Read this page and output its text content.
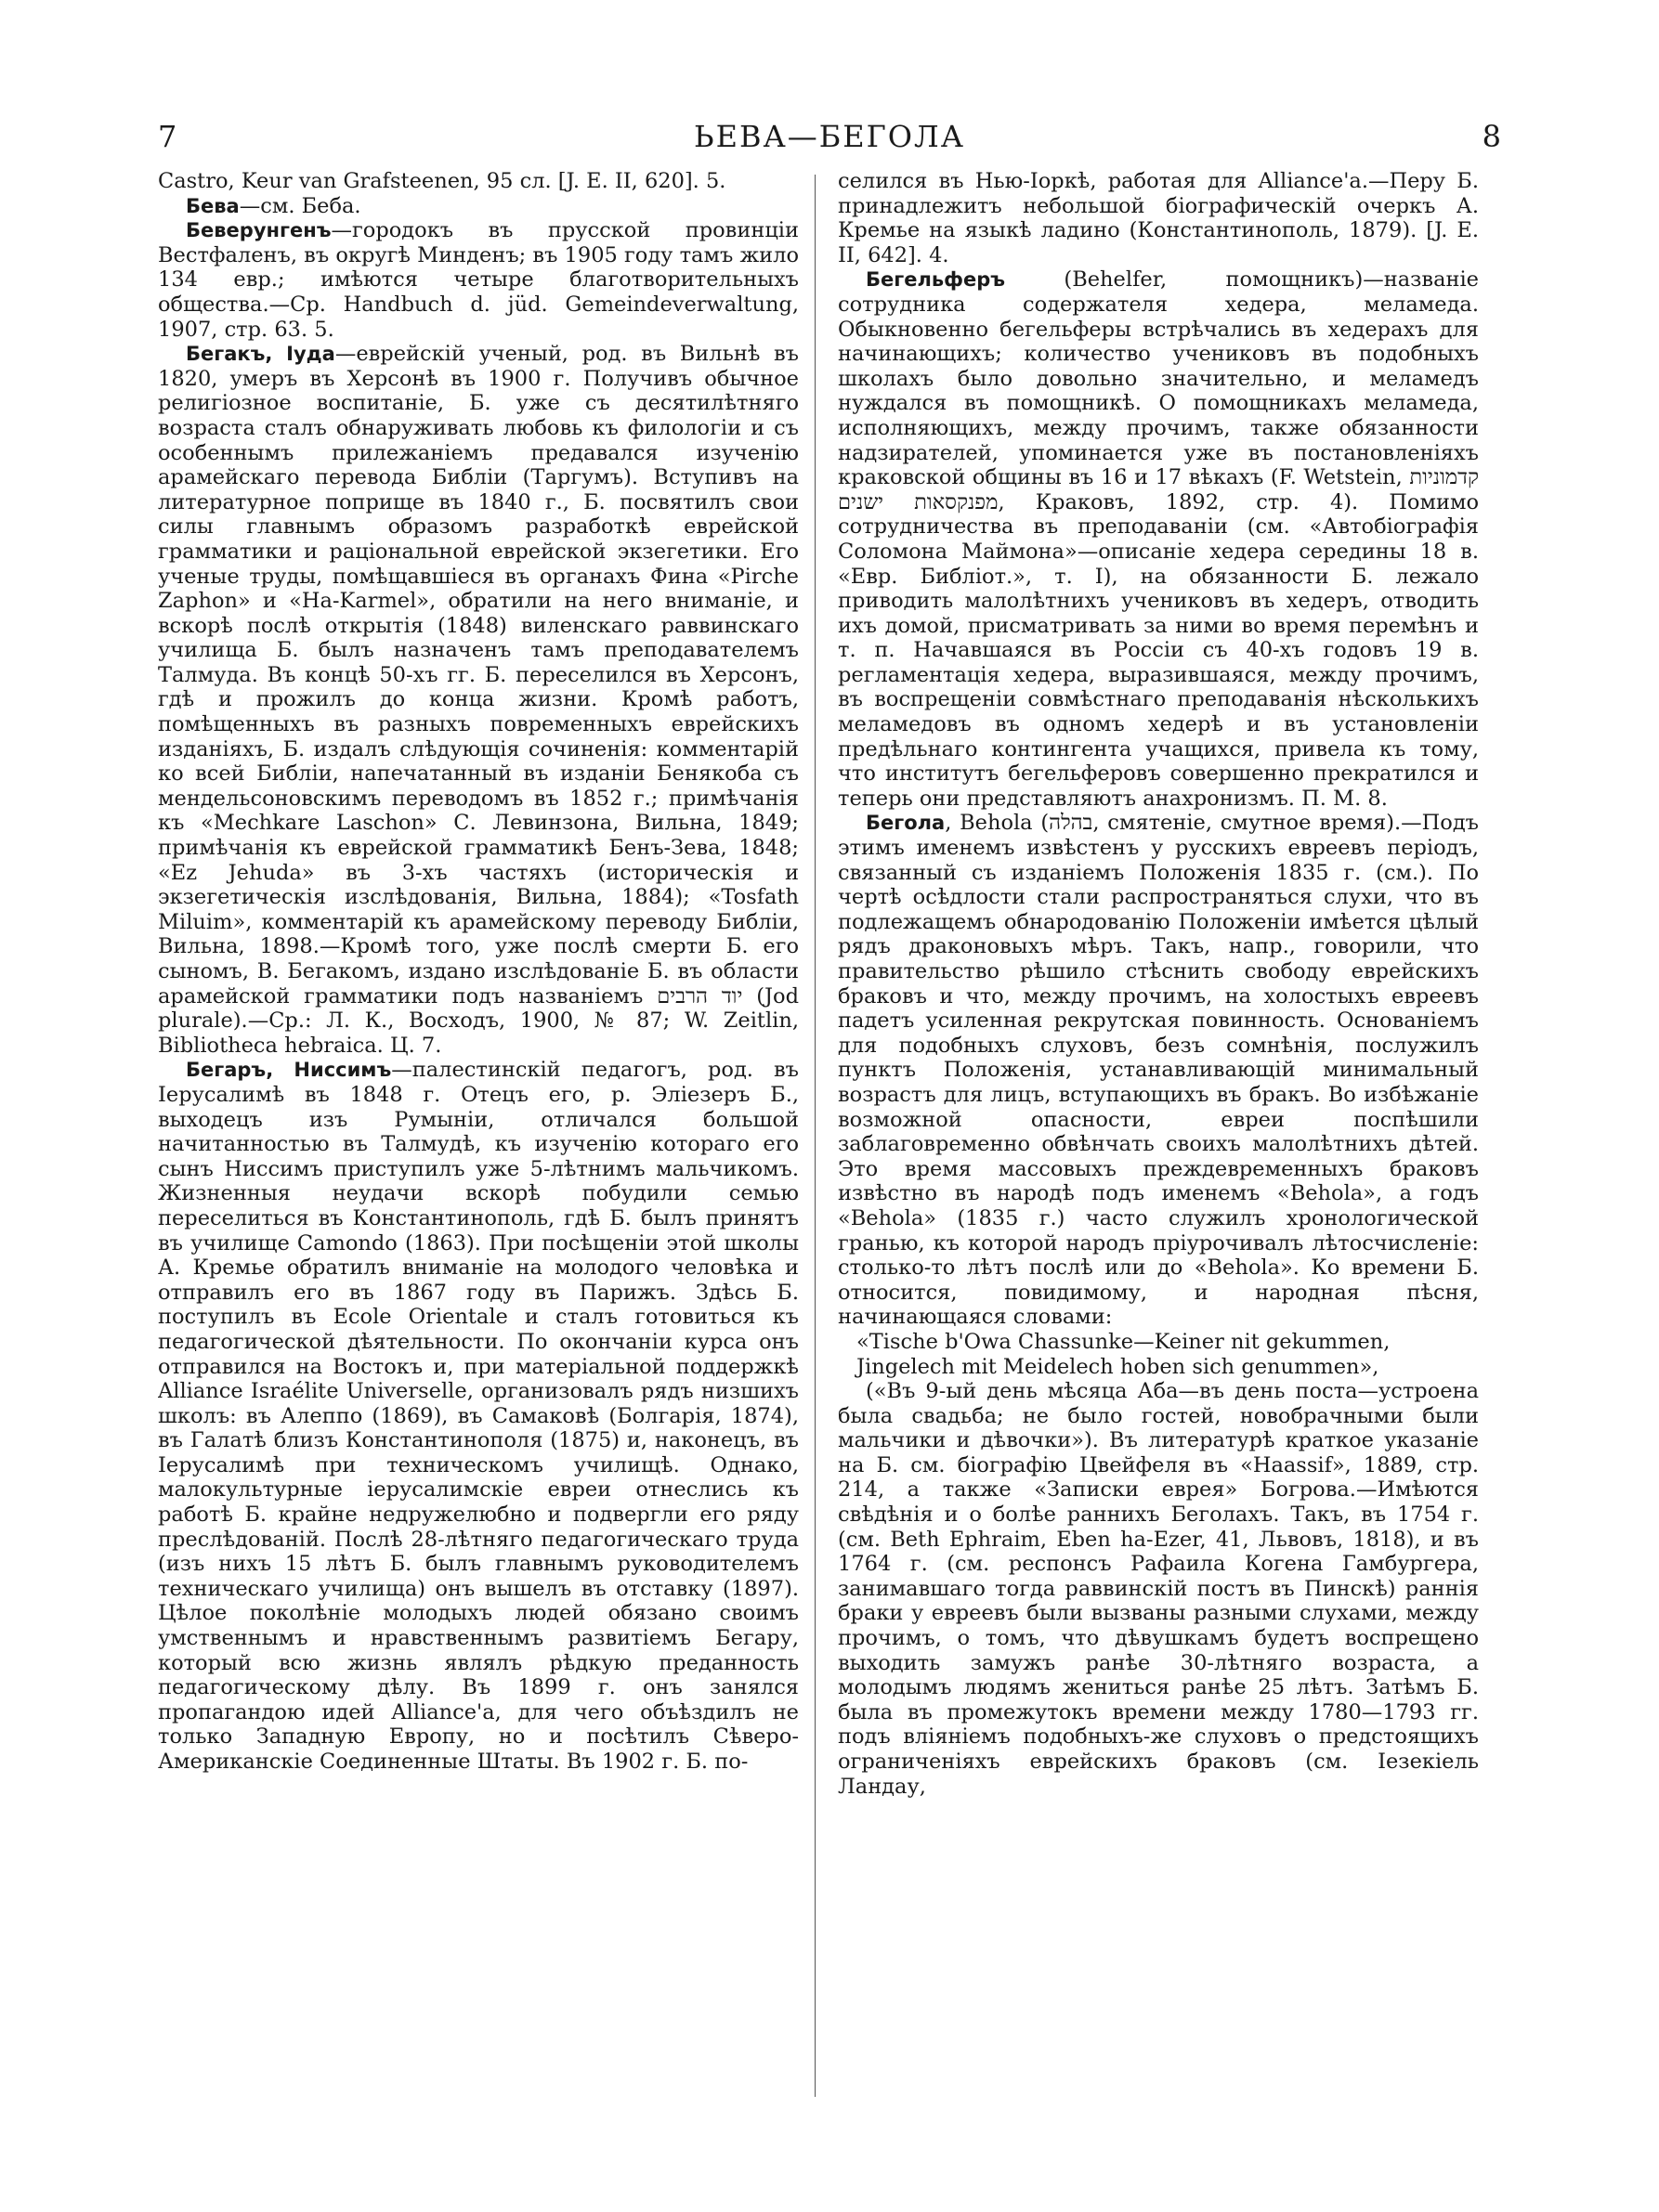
7	ЬЕВА—БЕГОЛА	8

Castro, Keur van Grafsteenen, 95 сл. [J. E. II, 620]. 5.

Бева—см. Беба.

Беверунгенъ—городокъ въ прусской провинціи Вестфаленъ, въ округѣ Минденъ; въ 1905 году тамъ жило 134 евр.; имѣются четыре благотворительныхъ общества.—Ср. Handbuch d. jüd. Gemeindeverwaltung, 1907, стр. 63. 5.

Бегакъ, Іуда—еврейскій ученый, род. въ Вильнѣ въ 1820, умеръ въ Херсонѣ въ 1900 г. Получивъ обычное религіозное воспитаніе, Б. уже съ десятилѣтняго возраста сталъ обнаруживать любовь къ филологіи и съ особеннымъ прилежаніемъ предавался изученію арамейскаго перевода Библіи (Таргумъ). Вступивъ на литературное поприще въ 1840 г., Б. посвятилъ свои силы главнымъ образомъ разработкѣ еврейской грамматики и раціональной еврейской экзегетики. Его ученые труды, помѣщавшіеся въ органахъ Фина «Pirche Zaphon» и «Ha-Karmel», обратили на него вниманіе, и вскорѣ послѣ открытія (1848) виленскаго раввинскаго училища Б. былъ назначенъ тамъ преподавателемъ Талмуда. Въ концѣ 50-хъ гг. Б. переселился въ Херсонъ, гдѣ и прожилъ до конца жизни. Кромѣ работъ, помѣщенныхъ въ разныхъ повременныхъ еврейскихъ изданіяхъ, Б. издалъ слѣдующія сочиненія: комментарій ко всей Библіи, напечатанный въ изданіи Бенякоба съ мендельсоновскимъ переводомъ въ 1852 г.; примѣчанія къ «Mechkare Laschon» С. Левинзона, Вильна, 1849; примѣчанія къ еврейской грамматикѣ Бенъ-Зева, 1848; «Ez Jehuda» въ 3-хъ частяхъ (историческія и экзегетическія изслѣдованія, Вильна, 1884); «Tosfath Miluim», комментарій къ арамейскому переводу Библіи, Вильна, 1898.—Кромѣ того, уже послѣ смерти Б. его сыномъ, В. Бегакомъ, издано изслѣдованіе Б. въ области арамейской грамматики подъ названіемъ יוד הרבים (Jod plurale).—Ср.: Л. К., Восходъ, 1900, № 87; W. Zeitlin, Bibliotheca hebraica. Ц. 7.

Бегаръ, Ниссимъ—палестинскій педагогъ, род. въ Іерусалимѣ въ 1848 г. Отецъ его, р. Эліезеръ Б., выходецъ изъ Румыніи, отличался большой начитанностью въ Талмудѣ, къ изученію котораго его сынъ Ниссимъ приступилъ уже 5-лѣтнимъ мальчикомъ. Жизненныя неудачи вскорѣ побудили семью переселиться въ Константинополь, гдѣ Б. былъ принятъ въ училище Camondo (1863). При посѣщеніи этой школы А. Кремье обратилъ вниманіе на молодого человѣка и отправилъ его въ 1867 году въ Парижъ. Здѣсь Б. поступилъ въ Ecole Orientale и сталъ готовиться къ педагогической дѣятельности. По окончаніи курса онъ отправился на Востокъ и, при матеріальной поддержкѣ Alliance Israélite Universelle, организовалъ рядъ низшихъ школъ: въ Алеппо (1869), въ Самаковѣ (Болгарія, 1874), въ Галатѣ близъ Константинополя (1875) и, наконецъ, въ Іерусалимѣ при техническомъ училищѣ. Однако, малокультурные іерусалимскіе евреи отнеслись къ работѣ Б. крайне недружелюбно и подвергли его ряду преслѣдованій. Послѣ 28-лѣтняго педагогическаго труда (изъ нихъ 15 лѣтъ Б. былъ главнымъ руководителемъ техническаго училища) онъ вышелъ въ отставку (1897). Цѣлое поколѣніе молодыхъ людей обязано своимъ умственнымъ и нравственнымъ развитіемъ Бегару, который всю жизнь являлъ рѣдкую преданность педагогическому дѣлу. Въ 1899 г. онъ занялся пропагандою идей Alliance'a, для чего объѣздилъ не только Западную Европу, но и посѣтилъ Сѣверо-Американскіе Соединенные Штаты. Въ 1902 г. Б. по-

селился въ Нью-Іоркѣ, работая для Alliance'a.—Перу Б. принадлежитъ небольшой біографическій очеркъ А. Кремье на языкѣ ладино (Константинополь, 1879). [J. E. II, 642]. 4.

Бегельферъ (Behelfer, помощникъ)—названіе сотрудника содержателя хедера, меламеда. Обыкновенно бегельферы встрѣчались въ хедерахъ для начинающихъ; количество учениковъ въ подобныхъ школахъ было довольно значительно, и меламедъ нуждался въ помощникѣ. О помощникахъ меламеда, исполняющихъ, между прочимъ, также обязанности надзирателей, упоминается уже въ постановленіяхъ краковской общины въ 16 и 17 вѣкахъ (F. Wetstein, קדמוניות מפנקסאות ישנים, Краковъ, 1892, стр. 4). Помимо сотрудничества въ преподаваніи (см. «Автобіографія Соломона Маймона»—описаніе хедера середины 18 в. «Евр. Библіот.», т. I), на обязанности Б. лежало приводить малолѣтнихъ учениковъ въ хедеръ, отводить ихъ домой, присматривать за ними во время перемѣнъ и т. п. Начавшаяся въ Россіи съ 40-хъ годовъ 19 в. регламентація хедера, выразившаяся, между прочимъ, въ воспрещеніи совмѣстнаго преподаванія нѣсколькихъ меламедовъ въ одномъ хедерѣ и въ установленіи предѣльнаго контингента учащихся, привела къ тому, что институтъ бегельферовъ совершенно прекратился и теперь они представляютъ анахронизмъ. П. М. 8.

Бегола, Behola (בהלה, смятеніе, смутное время).—Подъ этимъ именемъ извѣстенъ у русскихъ евреевъ періодъ, связанный съ изданіемъ Положенія 1835 г. (см.). По чертѣ осѣдлости стали распространяться слухи, что въ подлежащемъ обнародованію Положеніи имѣется цѣлый рядъ драконовыхъ мѣръ. Такъ, напр., говорили, что правительство рѣшило стѣснить свободу еврейскихъ браковъ и что, между прочимъ, на холостыхъ евреевъ падетъ усиленная рекрутская повинность. Основаніемъ для подобныхъ слуховъ, безъ сомнѣнія, послужилъ пунктъ Положенія, устанавливающій минимальный возрастъ для лицъ, вступающихъ въ бракъ. Во избѣжаніе возможной опасности, евреи поспѣшили заблаговременно обвѣнчать своихъ малолѣтнихъ дѣтей. Это время массовыхъ преждевременныхъ браковъ извѣстно въ народѣ подъ именемъ «Behola», а годъ «Behola» (1835 г.) часто служилъ хронологической гранью, къ которой народъ пріурочивалъ лѣтосчисленіе: столько-то лѣтъ послѣ или до «Behola». Ко времени Б. относится, повидимому, и народная пѣсня, начинающаяся словами:

«Tische b'Owa Chassunke—Keiner nit gekummen,

Jingelech mit Meidelech hoben sich genummen»,

(«Въ 9-ый день мѣсяца Аба—въ день поста—устроена была свадьба; не было гостей, новобрачными были мальчики и дѣвочки»). Въ литературѣ краткое указаніе на Б. см. біографію Цвейфеля въ «Haassif», 1889, стр. 214, а также «Записки еврея» Богрова.—Имѣются свѣдѣнія и о болѣе раннихъ Беголахъ. Такъ, въ 1754 г. (см. Beth Ephraim, Eben ha-Ezer, 41, Львовъ, 1818), и въ 1764 г. (см. респонсъ Рафаила Когена Гамбургера, занимавшаго тогда раввинскій постъ въ Пинскѣ) раннія браки у евреевъ были вызваны разными слухами, между прочимъ, о томъ, что дѣвушкамъ будетъ воспрещено выходить замужъ ранѣе 30-лѣтняго возраста, а молодымъ людямъ жениться ранѣе 25 лѣтъ. Затѣмъ Б. была въ промежутокъ времени между 1780—1793 гг. подъ вліяніемъ подобныхъ-же слуховъ о предстоящихъ ограниченіяхъ еврейскихъ браковъ (см. Іезекіель Ландау,
